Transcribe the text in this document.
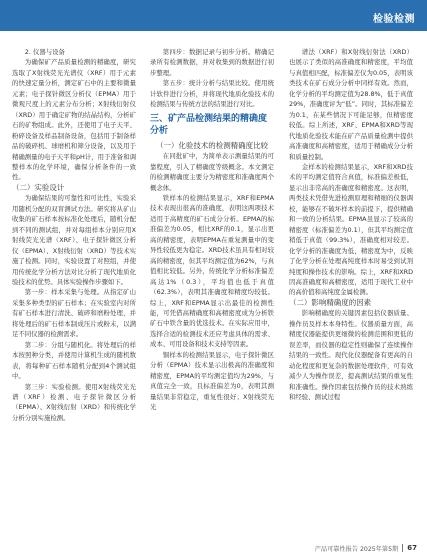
检验检测

2. 仪器与设备

为确保矿产品质量检测的精确度，研究选取了X射线荧光光谱仪（XRF）用于元素的快速定量分析，测定矿石中的主要和微量元素；电子探针微区分析仪（EPMA）用于微观尺度上的元素分布分析；X射线衍射仪（XRD）用于确定矿物的结晶结构，分析矿石的矿物组成。此外，还使用了电子天平、粉碎设备及样品制备设备，包括用于制备样品的破碎机、球磨机和筛分设备，以及用于精确测量的电子天平和pH计，用于准备和调整样本的化学环境，确保分析条件的一致性。

（二）实验设计

为确保结果的可靠性和可比性，实验采用随机分配的双盲测试方法。研究将从矿山收集的矿石样本按标准化处理后，随机分配到不同的测试组，并对每组样本分别应用X射线荧光光谱（XRF）、电子探针微区分析仪（EPMA）、X射线衍射（XRD）等技术实施了检测。同时，实验设置了对照组，并使用传统化学分析方法对比分析了现代地质化验技术的优势。具体实验操作步骤如下。

第一步：样本采集与处理。从指定矿山采集多种类型的矿石样本；在实验室内对所有矿石样本进行清洗、破碎和磨粉处理，并将处理后的矿石样本制成压片或粉末，以满足不同仪器的检测需求。

第二步：分组与随机化。将处理后的样本按照种分类，并使用计算机生成的随机数表，将每种矿石样本随机分配到4个测试组中。

第三步：实验检测。使用X射线荧光光谱（XRF）检测、电子探针微区分析（EPMA）、X射线衍射（XRD）和传统化学分析分别实施检测。

第四步：数据记录与初步分析。精确记录所有检测数据，并对收集到的数据进行初步整理。

第五步：统计分析与结果比较。使用统计软件进行分析，并将现代地质化验技术的检测结果与传统方法的结果进行对比。

三、矿产品检测结果的精确度分析
（一）化验技术的检测精确度比较

在同批矿中，为简单表示测量结果的可靠程度，引入了精确度等级概念。本文测定的检测精确度主要分为精密度和准确度两个概念体。

铁样本的检测结果显示，XRF和EPMA技术表现出很高的准确度，表明这两项技术适用于高精度的矿石成分分析。EPMA的标准偏差为0.05，相比XRF的0.1，显示出更高的精密度，表明EPMA在重复测量中的变异性较低更为稳定。XRD技术虽具有相对较高的精密度，但其平均测定值为62%，与真值相比较低。另外，传统化学分析标准偏差高达1%（0.3），平均值也低于真值（62.3%），表明其准确度和精度均较低。综上，XRF和EPMA显示出最佳的检测性能，可凭借高精确度和高精密度成为分析铁矿石中铁含量的优选技术。在实际应用中，选择合适的检测技术还应考虑具体的需求、成本、可用设备和技术支持等因素。

铜样本的检测结果显示，电子探针微区分析（EPMA）技术显示出极高的准确度和精密度，EPMA的平均测定值均为29%，与真值完全一致，且标准偏差为0，表明其测量结果非常稳定，重复性很好；X射线荧光光

谱法（XRF）和X射线衍射法（XRD）也展示了类似的高准确度和精密度，平均值与真值相匹配，标准偏差仅为0.05，表明该类技术在矿石成分分析中同样有效。然而，化学分析的平均测定值为28.8%，低于真值29%，准确度评为“低”。同时，其标准偏差为0.1，在某些情况下可能足够，但精密度较低。综上所述，XRF、EPMA和XRD等现代地质化验技术能在矿产品质量检测中提供高准确度和高精密度，适用于精确成分分析和质量控制。

金样本的检测结果显示，XRF和XRD技术的平均测定值符合真值，标准偏差极低，显示出非常高的准确度和精密度。这表明，两类技术凭借先进检测原理和精细的仪器调校，能够在不破坏样本的前提下，提供精确和一致的分析结果。EPMA虽显示了较高的精密度（标准偏差为0.1），但其平均测定值稍低于真值（99.3%），准确度相对较差。化学分析的准确度为低，精密度为中，反映了化学分析在处理高纯度样本时易受到试剂纯度和操作技术的影响。综上，XRF和XRD因高准确度和高精密度，适用于现代工业中的高价值和高纯度金属检测。

（二）影响精确度的因素

影响精确度的关键因素包括仪器质量、操作员及样本本身特性。仪器质量方面，高精度仪器能提供更细微的检测范围和更低的误差率，而仪器的稳定性则确保了连续操作结果的一致性。现代化仪器配备有更高的自动化程度和更复杂的数据处理软件，可有效减少人为操作误差，提高测试结果的重复性和准确性。操作因素包括操作员的技术熟练和经验、测试过程

产品可靠性报告 2025年第5期 67
